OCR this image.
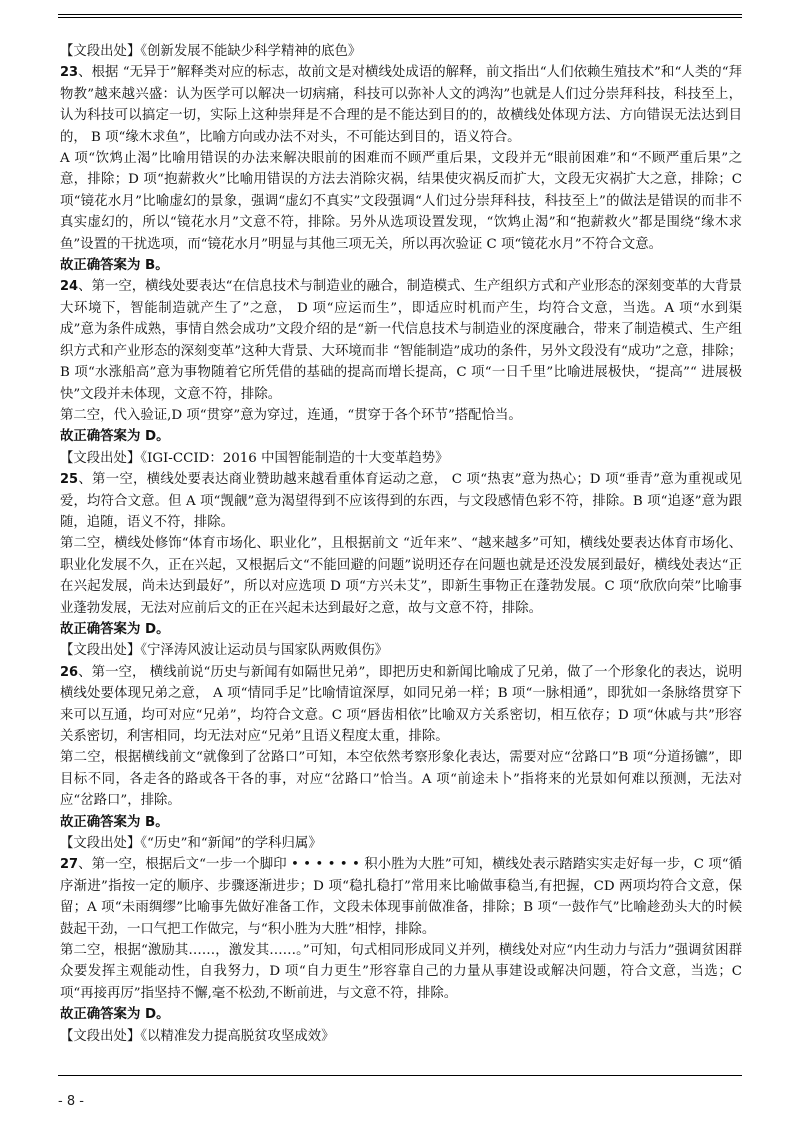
【文段出处】《创新发展不能缺少科学精神的底色》

23、根据 “无异于”解释类对应的标志，故前文是对横线处成语的解释，前文指出“人们依赖生殖技术”和“人类的“拜物教”越来越兴盛：认为医学可以解决一切病痛，科技可以弥补人文的鸿沟”也就是人们过分崇拜科技，科技至上，认为科技可以搞定一切，实际上这种崇拜是不合理的是不能达到目的的，故横线处体现方法、方向错误无法达到目的， B 项“缘木求鱼”，比喻方向或办法不对头，不可能达到目的，语义符合。

A 项“饮鸩止渴”比喻用错误的办法来解决眼前的困难而不顾严重后果，文段并无“眼前困难”和“不顾严重后果”之意，排除；D 项“抱薪救火”比喻用错误的方法去消除灾祸，结果使灾祸反而扩大，文段无灾祸扩大之意，排除；C 项“镜花水月”比喻虚幻的景象，强调“虚幻不真实”文段强调“人们过分崇拜科技，科技至上”的做法是错误的而非不真实虚幻的，所以“镜花水月”文意不符，排除。另外从选项设置发现，“饮鸩止渴”和“抱薪救火”都是围绕“缘木求鱼”设置的干扰选项，而“镜花水月”明显与其他三项无关，所以再次验证 C 项“镜花水月”不符合文意。

故正确答案为 B。

24、第一空，横线处要表达“在信息技术与制造业的融合，制造模式、生产组织方式和产业形态的深刻变革的大背景大环境下，智能制造就产生了”之意， D 项“应运而生”，即适应时机而产生，均符合文意，当选。A 项“水到渠成”意为条件成熟，事情自然会成功”文段介绍的是“新一代信息技术与制造业的深度融合，带来了制造模式、生产组织方式和产业形态的深刻变革”这种大背景、大环境而非 “智能制造”成功的条件，另外文段没有“成功”之意，排除；B 项“水涨船高”意为事物随着它所凭借的基础的提高而增长提高，C 项“一日千里”比喻进展极快，“提高”“ 进展极快”文段并未体现，文意不符，排除。

第二空，代入验证,D 项“贯穿”意为穿过，连通，“贯穿于各个环节”搭配恰当。

故正确答案为 D。

【文段出处】《IGI-CCID：2016 中国智能制造的十大变革趋势》

25、第一空，横线处要表达商业赞助越来越看重体育运动之意， C 项“热衷”意为热心；D 项“垂青”意为重视或见爱，均符合文意。但 A 项“觊觎”意为渴望得到不应该得到的东西，与文段感情色彩不符，排除。B 项“追逐”意为跟随，追随，语义不符，排除。

第二空，横线处修饰“体育市场化、职业化”，且根据前文 “近年来”、“越来越多”可知，横线处要表达体育市场化、职业化发展不久，正在兴起，又根据后文“不能回避的问题”说明还存在问题也就是还没发展到最好，横线处表达“正在兴起发展，尚未达到最好”，所以对应选项 D 项“方兴未艾”，即新生事物正在蓬勃发展。C 项“欣欣向荣”比喻事业蓬勃发展，无法对应前后文的正在兴起未达到最好之意，故与文意不符，排除。

故正确答案为 D。

【文段出处】《宁泽涛风波让运动员与国家队两败俱伤》

26、第一空， 横线前说“历史与新闻有如隔世兄弟”，即把历史和新闻比喻成了兄弟，做了一个形象化的表达，说明横线处要体现兄弟之意， A 项“情同手足”比喻情谊深厚，如同兄弟一样；B 项“一脉相通”，即犹如一条脉络贯穿下来可以互通，均可对应“兄弟”，均符合文意。C 项“唇齿相依”比喻双方关系密切，相互依存；D 项“休戚与共”形容关系密切，利害相同，均无法对应“兄弟”且语义程度太重，排除。

第二空，根据横线前文“就像到了岔路口”可知，本空依然考察形象化表达，需要对应“岔路口”B 项“分道扬镳”，即目标不同，各走各的路或各干各的事，对应“岔路口”恰当。A 项“前途未卜”指将来的光景如何难以预测，无法对应“岔路口”，排除。

故正确答案为 B。

【文段出处】《“历史”和“新闻”的学科归属》

27、第一空，根据后文“一步一个脚印 • • • • • • 积小胜为大胜”可知，横线处表示踏踏实实走好每一步，C 项“循序渐进”指按一定的顺序、步骤逐渐进步；D 项“稳扎稳打”常用来比喻做事稳当,有把握，CD 两项均符合文意，保留；A 项“未雨绸缪”比喻事先做好准备工作，文段未体现事前做准备，排除；B 项“一鼓作气”比喻趁劲头大的时候鼓起干劲，一口气把工作做完，与“积小胜为大胜”相悖，排除。

第二空，根据“激励其……，激发其……。”可知，句式相同形成同义并列，横线处对应“内生动力与活力”强调贫困群众要发挥主观能动性，自我努力，D 项“自力更生”形容靠自己的力量从事建设或解决问题，符合文意，当选；C 项“再接再厉”指坚持不懈,毫不松劲,不断前进，与文意不符，排除。

故正确答案为 D。

【文段出处】《以精准发力提高脱贫攻坚成效》

- 8 -
